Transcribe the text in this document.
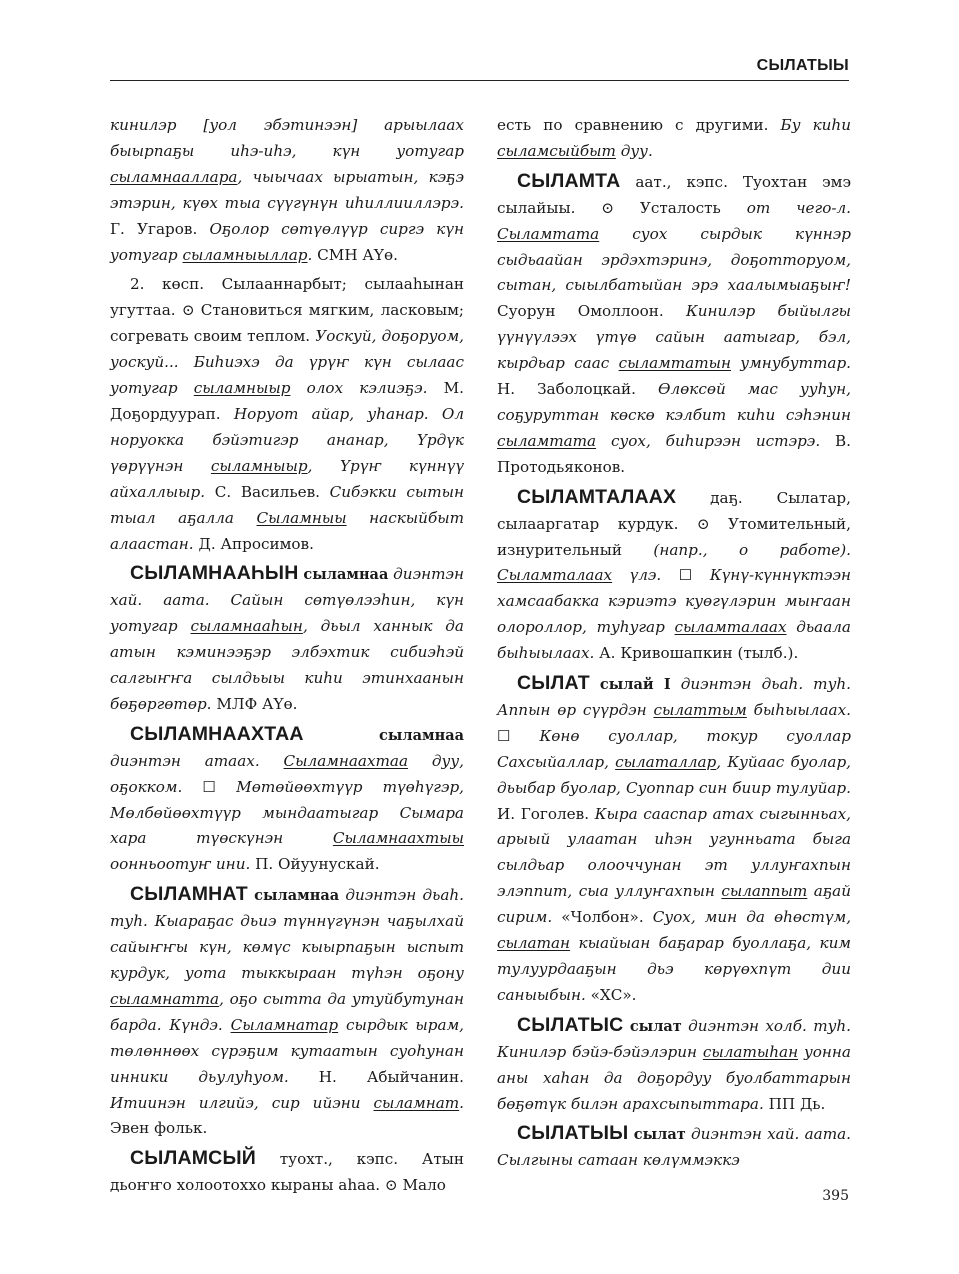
СЫЛАТЫЫ

кинилэр [уол эбэтинээн] арыылаах быырпаҕы иһэ-иһэ, күн уотугар сыламнааллара, чыычаах ырыатын, кэҕэ этэрин, күөх тыа сүүгүнүн иһиллииллэрэ. Г. Угаров. Оҕолор сөтүөлүүр сиргэ күн уотугар сыламныыллар. СМН АҮө.

2. көсп. Сылааннарбыт; сылааһынан угуттаа. ⊙ Становиться мягким, ласковым; согревать своим теплом. Уоскуй, доҕоруом, уоскуй... Биһиэхэ да үрүҥ күн сылаас уотугар сыламныыр олох кэлиэҕэ. М. Доҕордуурап. Норуот айар, уһанар. Ол норуокка бэйэтигэр ананар, Үрдүк үөрүүнэн сыламныыр, Үрүҥ күннүү айхаллыыр. С. Васильев. Сибэкки сытын тыал аҕалла Сыламныы наскыйбыт алаастан. Д. Апросимов.

СЫЛАМНААҺЫН сыламнаа диэнтэн хай. аата. Сайын сөтүөлээһин, күн уотугар сыламнааһын, дьыл ханнык да атын кэминээҕэр элбэхтик сибиэһэй салгыҥҥа сылдьыы киһи этинхаанын бөҕөргөтөр. МЛФ АҮө.

СЫЛАМНААХТАА	сыламнаа диэнтэн атаах. Сыламнаахтаа дуу, оҕокком. ☐ Мөтөйөөхтүүр түөһүгэр, Мөлбөйөөхтүүр мындаатыгар Сымара хара түөскүнэн Сыламнаахтыы оонньоотуҥ ини. П. Ойуунускай.

СЫЛАМНАТ сыламнаа диэнтэн дьаһ. туһ. Кыараҕас дьиэ түннүгүнэн чаҕылхай сайыҥҥы күн, көмүс кыырпаҕын ыспыт курдук, уота тыккыраан түһэн оҕону сыламнатта, оҕо сытта да утуйбутунан барда. Күндэ. Сыламнатар сырдык ырам, төлөннөөх сүрэҕим кутаатын суоһунан инники дьулуһуом. Н. Абыйчанин. Итиинэн илгийэ, сир ийэни сыламнат. Эвен фольк.

СЫЛАМСЫЙ туохт., кэпс. Атын дьоҥҥо холоотохxo кыраны аһаа. ⊙ Мало

есть по сравнению с другими. Бу киһи сыламсыйбыт дуу.

СЫЛАМТА аат., кэпс. Туохтан эмэ сылайыы. ⊙ Усталость от чего-л. Сыламтата суох сырдык күннэр сыдьаайан эрдэхтэринэ, доҕотторуом, сытан, сыылбатыйан эрэ хаалымыаҕыҥ! Суорун Омоллоон. Кинилэр быйылгы үүнүүлээх үтүө сайын аатыгар, бэл, кырдьар саас сыламтатын умнубуттар. Н. Заболоцкай. Өлөксөй мас ууһун, соҕуруттан көскө кэлбит киһи сэһэнин сыламтата суох, биһирээн истэрэ. В. Протодьяконов.

СЫЛАМТАЛААХ даҕ. Сылатар, сылааргатар курдук. ⊙ Утомительный, изнурительный (напр., о работе). Сыламталаах үлэ. ☐ Күнү-күннүктээн хамсаабакка кэриэтэ куөгүлэрин мыҥаан олороллор, туһугар сыламталаах дьаала быһыылаах. А. Кривошапкин (тылб.).

СЫЛАТ сылай I диэнтэн дьаһ. туһ. Аппын өр сүүрдэн сылаттым быһыылаах. ☐ Көнө суоллар, токур суоллар Сахсыйаллар, сылаталлар, Куйаас буолар, дьыбар буолар, Суоппар син биир тулуйар. И. Гоголев. Кыра сааспар атах сыгынньах, арыый улаатан иһэн угунньата быга сылдьар олооччунан эт уллуҥахпын элэппит, сыа уллуҥахпын сылаппыт аҕай сирим. «Чолбон». Суох, мин да өһөстүм, сылатан кыайыан баҕарар буоллаҕа, ким тулуурдааҕын дьэ көрүөхпүт дии саныыбын. «ХС».

СЫЛАТЫС сылат диэнтэн холб. туһ. Кинилэр бэйэ-бэйэлэрин сылатыһан уонна аны хаһан да доҕордуу буолбаттарын бөҕөтүк билэн арахсыпыттара. ПП Дь.

СЫЛАТЫЫ сылат диэнтэн хай. аата. Сылгыны сатаан көлүммэккэ

395
